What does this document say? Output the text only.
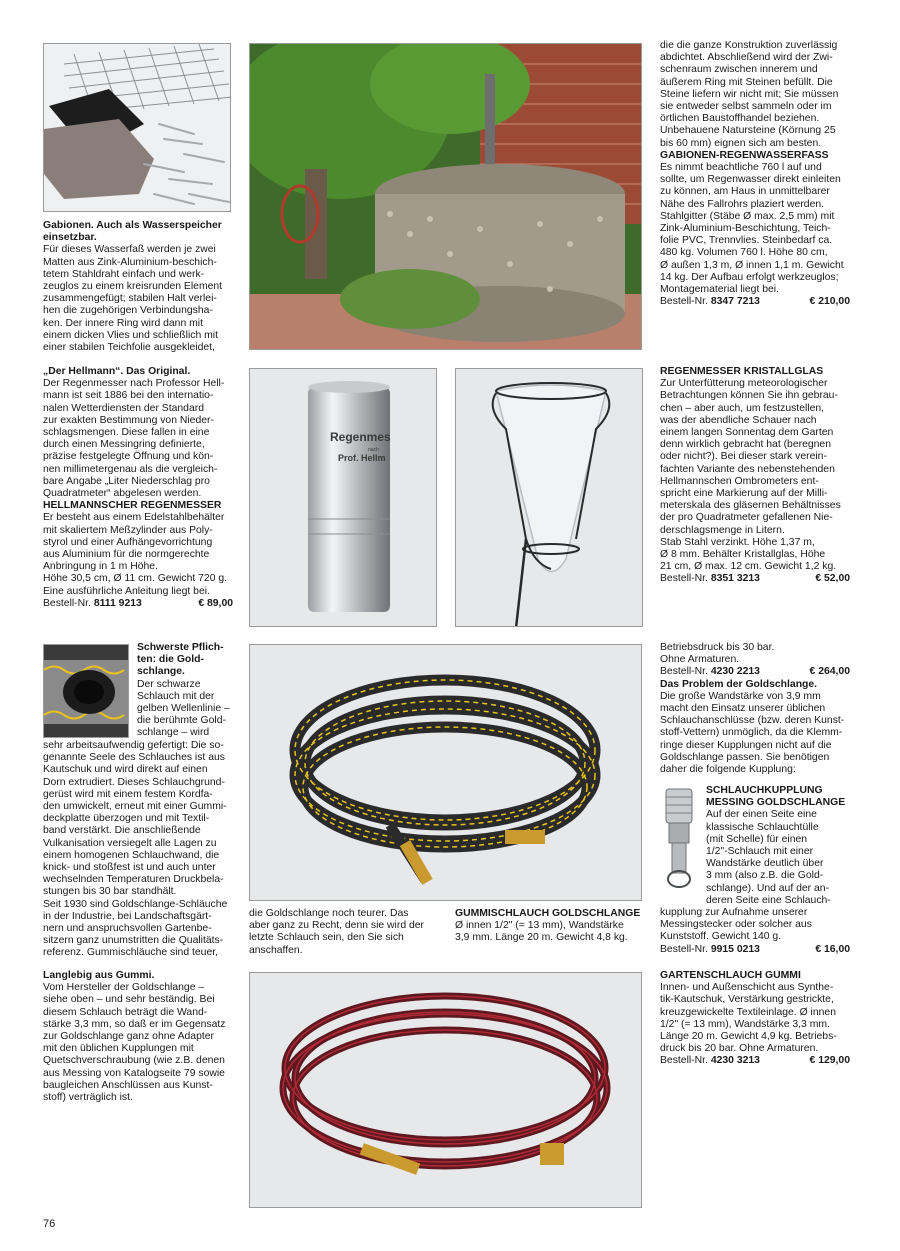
Gabionen. Auch als Wasserspeicher
einsetzbar.
Für dieses Wasserfaß werden je zwei
Matten aus Zink-Aluminium-beschich-
tetem Stahldraht einfach und werk-
zeuglos zu einem kreisrunden Element
zusammengefügt; stabilen Halt verlei-
hen die zugehörigen Verbindungsha-
ken. Der innere Ring wird dann mit
einem dicken Vlies und schließlich mit
einer stabilen Teichfolie ausgekleidet,
die die ganze Konstruktion zuverlässig
abdichtet. Abschließend wird der Zwi-
schenraum zwischen innerem und
äußerem Ring mit Steinen befüllt. Die
Steine liefern wir nicht mit; Sie müssen
sie entweder selbst sammeln oder im
örtlichen Baustoffhandel beziehen.
Unbehauene Natursteine (Körnung 25
bis 60 mm) eignen sich am besten.
GABIONEN-REGENWASSERFASS
Es nimmt beachtliche 760 l auf und
sollte, um Regenwasser direkt einleiten
zu können, am Haus in unmittelbarer
Nähe des Fallrohrs plaziert werden.
Stahlgitter (Stäbe Ø max. 2,5 mm) mit
Zink-Aluminium-Beschichtung, Teich-
folie PVC, Trennvlies. Steinbedarf ca.
480 kg. Volumen 760 l. Höhe 80 cm,
Ø außen 1,3 m, Ø innen 1,1 m. Gewicht
14 kg. Der Aufbau erfolgt werkzeuglos;
Montagematerial liegt bei.
Bestell-Nr. 8347 7213	€ 210,00
„Der Hellmann“. Das Original.
Der Regenmesser nach Professor Hell-
mann ist seit 1886 bei den internatio-
nalen Wetterdiensten der Standard
zur exakten Bestimmung von Nieder-
schlagsmengen. Diese fallen in eine
durch einen Messingring definierte,
präzise festgelegte Öffnung und kön-
nen millimetergenau als die vergleich-
bare Angabe „Liter Niederschlag pro
Quadratmeter“ abgelesen werden.
HELLMANNSCHER REGENMESSER
Er besteht aus einem Edelstahlbehälter
mit skaliertem Meßzylinder aus Poly-
styrol und einer Aufhängevorrichtung
aus Aluminium für die normgerechte
Anbringung in 1 m Höhe.
Höhe 30,5 cm, Ø 11 cm. Gewicht 720 g.
Eine ausführliche Anleitung liegt bei.
Bestell-Nr. 8111 9213	€ 89,00
Regenmes
nach
Prof. Hellm
REGENMESSER KRISTALLGLAS
Zur Unterfütterung meteorologischer
Betrachtungen können Sie ihn gebrau-
chen – aber auch, um festzustellen,
was der abendliche Schauer nach
einem langen Sonnentag dem Garten
denn wirklich gebracht hat (beregnen
oder nicht?). Bei dieser stark verein-
fachten Variante des nebenstehenden
Hellmannschen Ombrometers ent-
spricht eine Markierung auf der Milli-
meterskala des gläsernen Behältnisses
der pro Quadratmeter gefallenen Nie-
derschlagsmenge in Litern.
Stab Stahl verzinkt. Höhe 1,37 m,
Ø 8 mm. Behälter Kristallglas, Höhe
21 cm, Ø max. 12 cm. Gewicht 1,2 kg.
Bestell-Nr. 8351 3213	€ 52,00
Schwerste Pflich-
ten: die Gold-
schlange.
Der schwarze
Schlauch mit der
gelben Wellenlinie –
die berühmte Gold-
schlange – wird
sehr arbeitsaufwendig gefertigt: Die so-
genannte Seele des Schlauches ist aus
Kautschuk und wird direkt auf einen
Dorn extrudiert. Dieses Schlauchgrund-
gerüst wird mit einem festem Kordfa-
den umwickelt, erneut mit einer Gummi-
deckplatte überzogen und mit Textil-
band verstärkt. Die anschließende
Vulkanisation versiegelt alle Lagen zu
einem homogenen Schlauchwand, die
knick- und stoßfest ist und auch unter
wechselnden Temperaturen Druckbela-
stungen bis 30 bar standhält.
Seit 1930 sind Goldschlange-Schläuche
in der Industrie, bei Landschaftsgärt-
nern und anspruchsvollen Gartenbe-
sitzern ganz unumstritten die Qualitäts-
referenz. Gummischläuche sind teuer,
die Goldschlange noch teurer. Das
aber ganz zu Recht, denn sie wird der
letzte Schlauch sein, den Sie sich
anschaffen.
GUMMISCHLAUCH GOLDSCHLANGE
Ø innen 1/2" (= 13 mm), Wandstärke
3,9 mm. Länge 20 m. Gewicht 4,8 kg.
Betriebsdruck bis 30 bar.
Ohne Armaturen.
Bestell-Nr. 4230 2213	€ 264,00
Das Problem der Goldschlange.
Die große Wandstärke von 3,9 mm
macht den Einsatz unserer üblichen
Schlauchanschlüsse (bzw. deren Kunst-
stoff-Vettern) unmöglich, da die Klemm-
ringe dieser Kupplungen nicht auf die
Goldschlange passen. Sie benötigen
daher die folgende Kupplung:
SCHLAUCHKUPPLUNG
MESSING GOLDSCHLANGE
Auf der einen Seite eine
klassische Schlauchtülle
(mit Schelle) für einen
1/2"-Schlauch mit einer
Wandstärke deutlich über
3 mm (also z.B. die Gold-
schlange). Und auf der an-
deren Seite eine Schlauch-
kupplung zur Aufnahme unserer
Messingstecker oder solcher aus
Kunststoff. Gewicht 140 g.
Bestell-Nr. 9915 0213	€ 16,00
Langlebig aus Gummi.
Vom Hersteller der Goldschlange –
siehe oben – und sehr beständig. Bei
diesem Schlauch beträgt die Wand-
stärke 3,3 mm, so daß er im Gegensatz
zur Goldschlange ganz ohne Adapter
mit den üblichen Kupplungen mit
Quetschverschraubung (wie z.B. denen
aus Messing von Katalogseite 79 sowie
baugleichen Anschlüssen aus Kunst-
stoff) verträglich ist.
GARTENSCHLAUCH GUMMI
Innen- und Außenschicht aus Synthe-
tik-Kautschuk, Verstärkung gestrickte,
kreuzgewickelte Textileinlage. Ø innen
1/2" (= 13 mm), Wandstärke 3,3 mm.
Länge 20 m. Gewicht 4,9 kg. Betriebs-
druck bis 20 bar. Ohne Armaturen.
Bestell-Nr. 4230 3213	€ 129,00
76
